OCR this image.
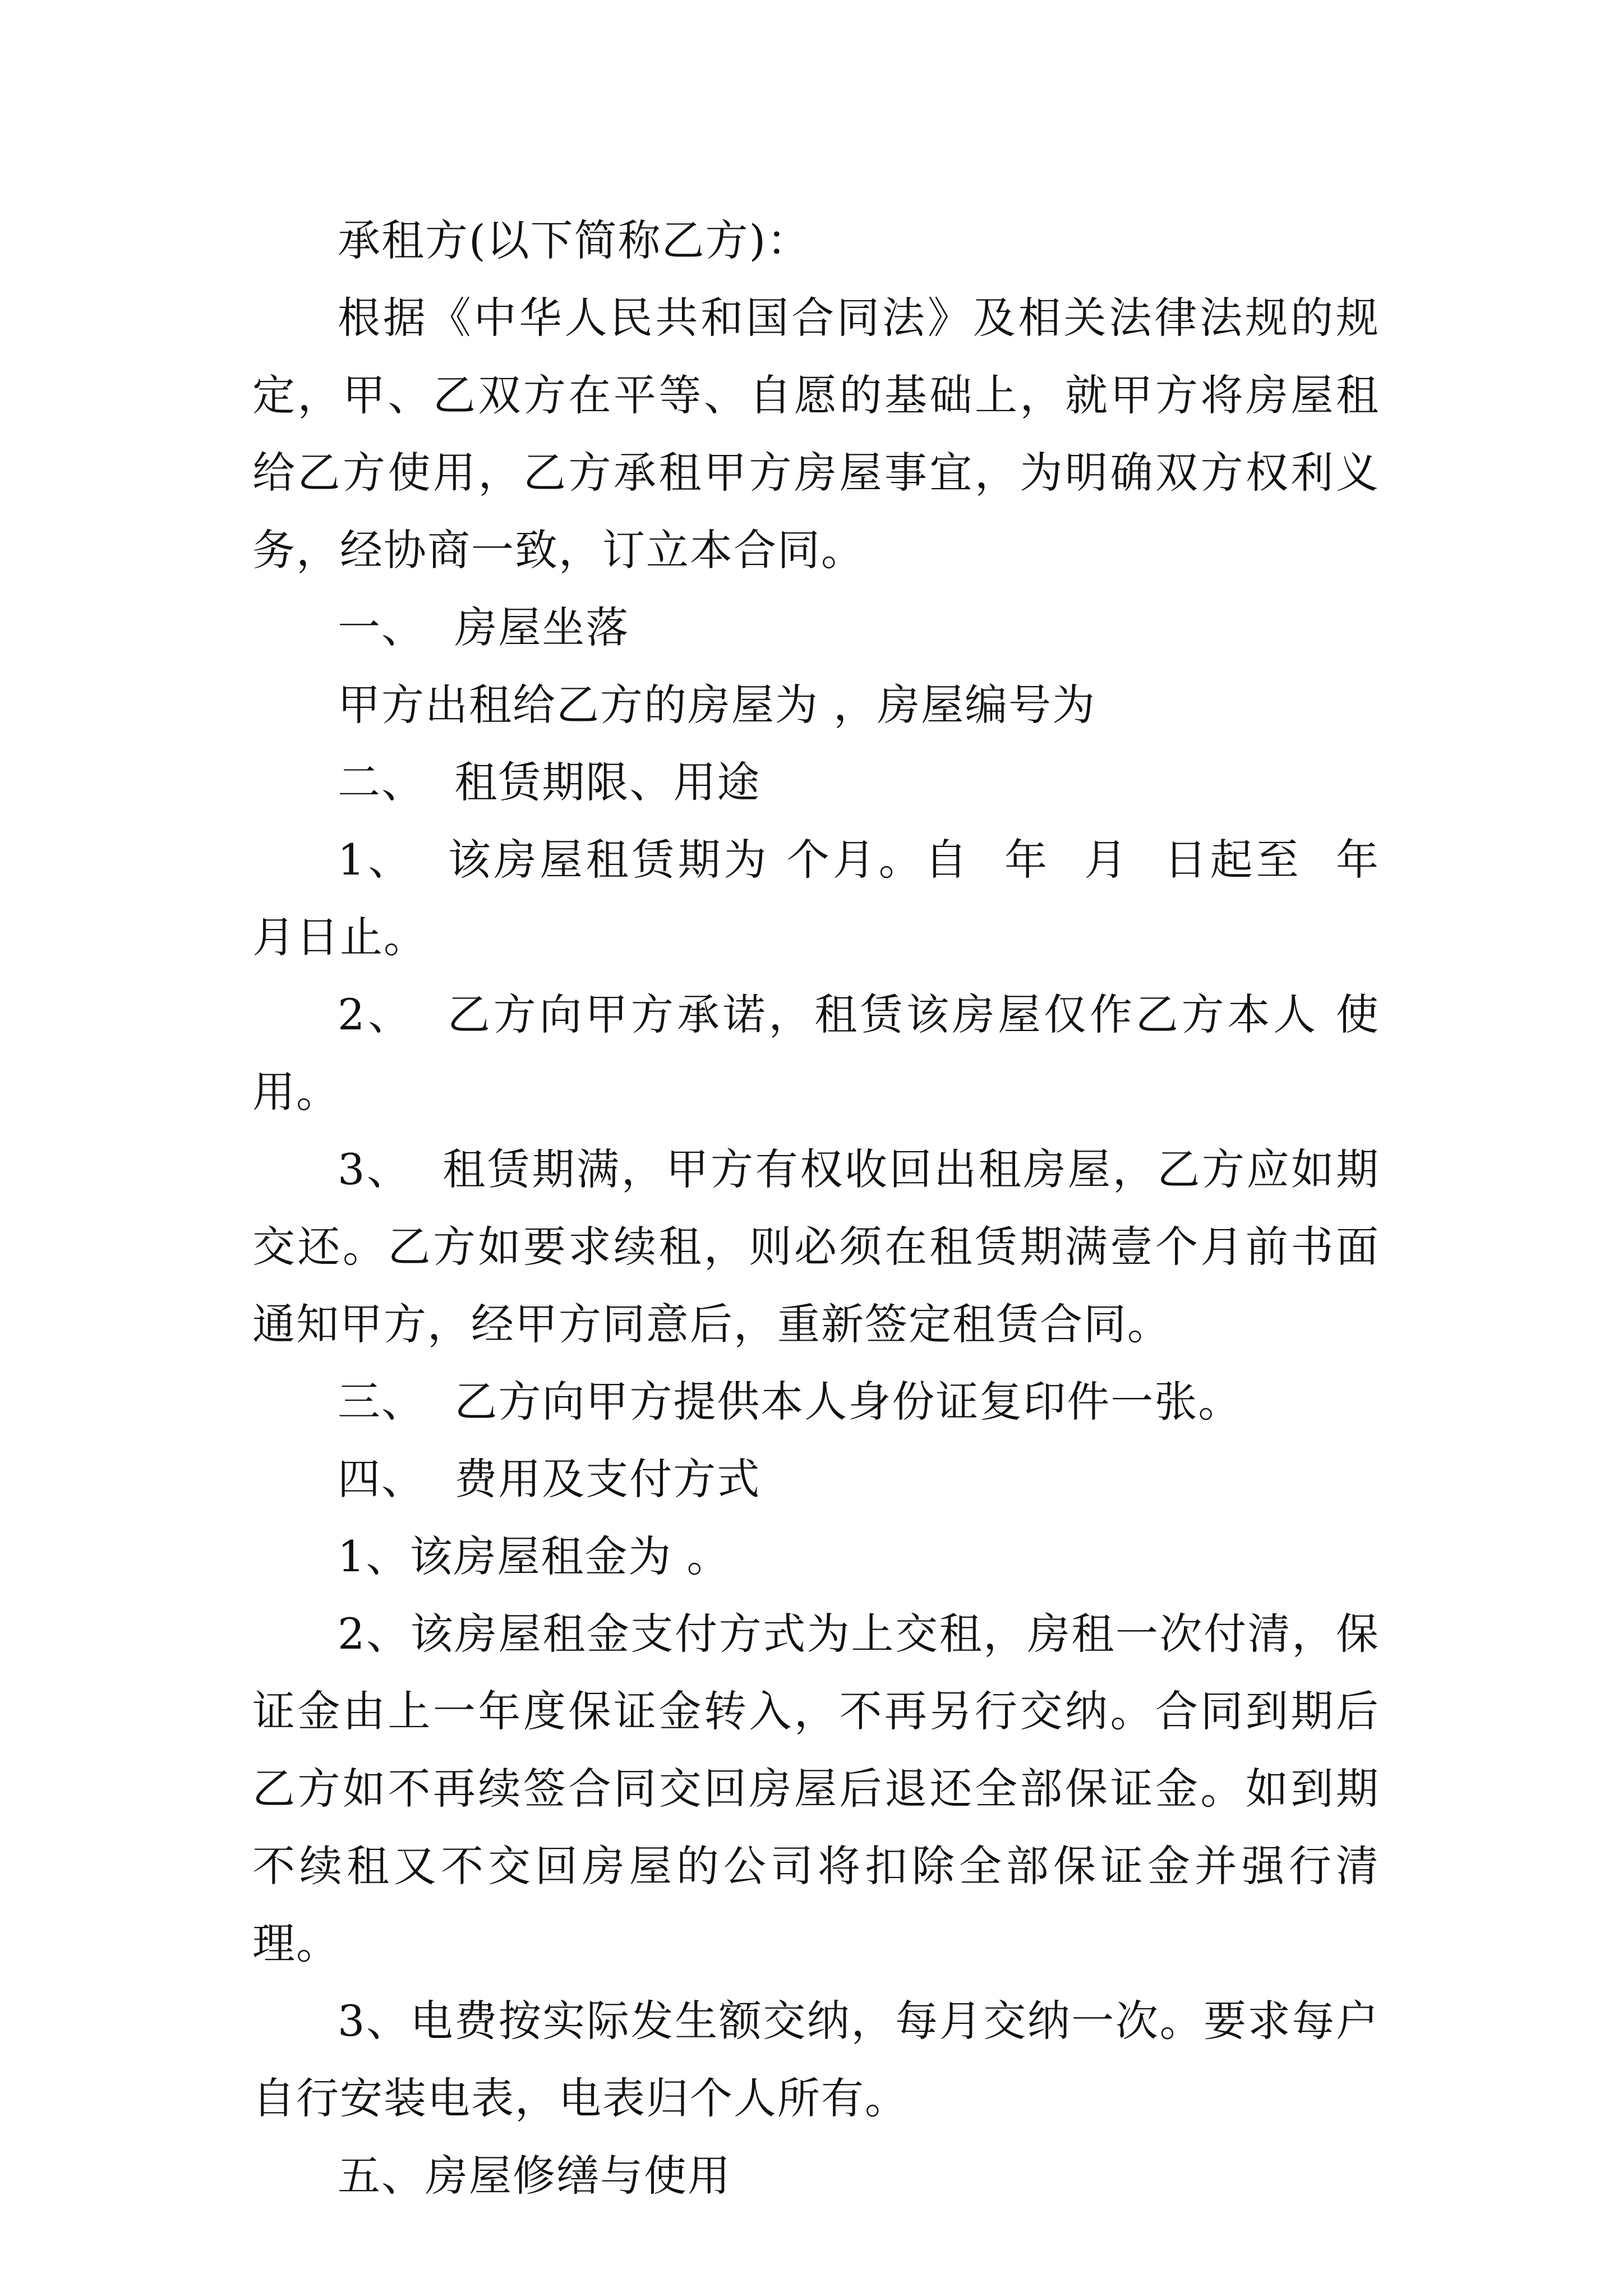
承租方(以下简称乙方)：

根据《中华人民共和国合同法》及相关法律法规的规定，甲、乙双方在平等、自愿的基础上，就甲方将房屋租给乙方使用，乙方承租甲方房屋事宜，为明确双方权利义务，经协商一致，订立本合同。

一、  房屋坐落

甲方出租给乙方的房屋为 ，房屋编号为

二、  租赁期限、用途

1、  该房屋租赁期为 个月。自  年  月  日起至  年  月日止。

2、  乙方向甲方承诺，租赁该房屋仅作乙方本人 使用。

3、  租赁期满，甲方有权收回出租房屋，乙方应如期交还。乙方如要求续租，则必须在租赁期满壹个月前书面通知甲方，经甲方同意后，重新签定租赁合同。

三、  乙方向甲方提供本人身份证复印件一张。

四、  费用及支付方式

1、该房屋租金为 。

2、该房屋租金支付方式为上交租，房租一次付清，保证金由上一年度保证金转入，不再另行交纳。合同到期后乙方如不再续签合同交回房屋后退还全部保证金。如到期不续租又不交回房屋的公司将扣除全部保证金并强行清理。

3、电费按实际发生额交纳，每月交纳一次。要求每户自行安装电表，电表归个人所有。

五、房屋修缮与使用
